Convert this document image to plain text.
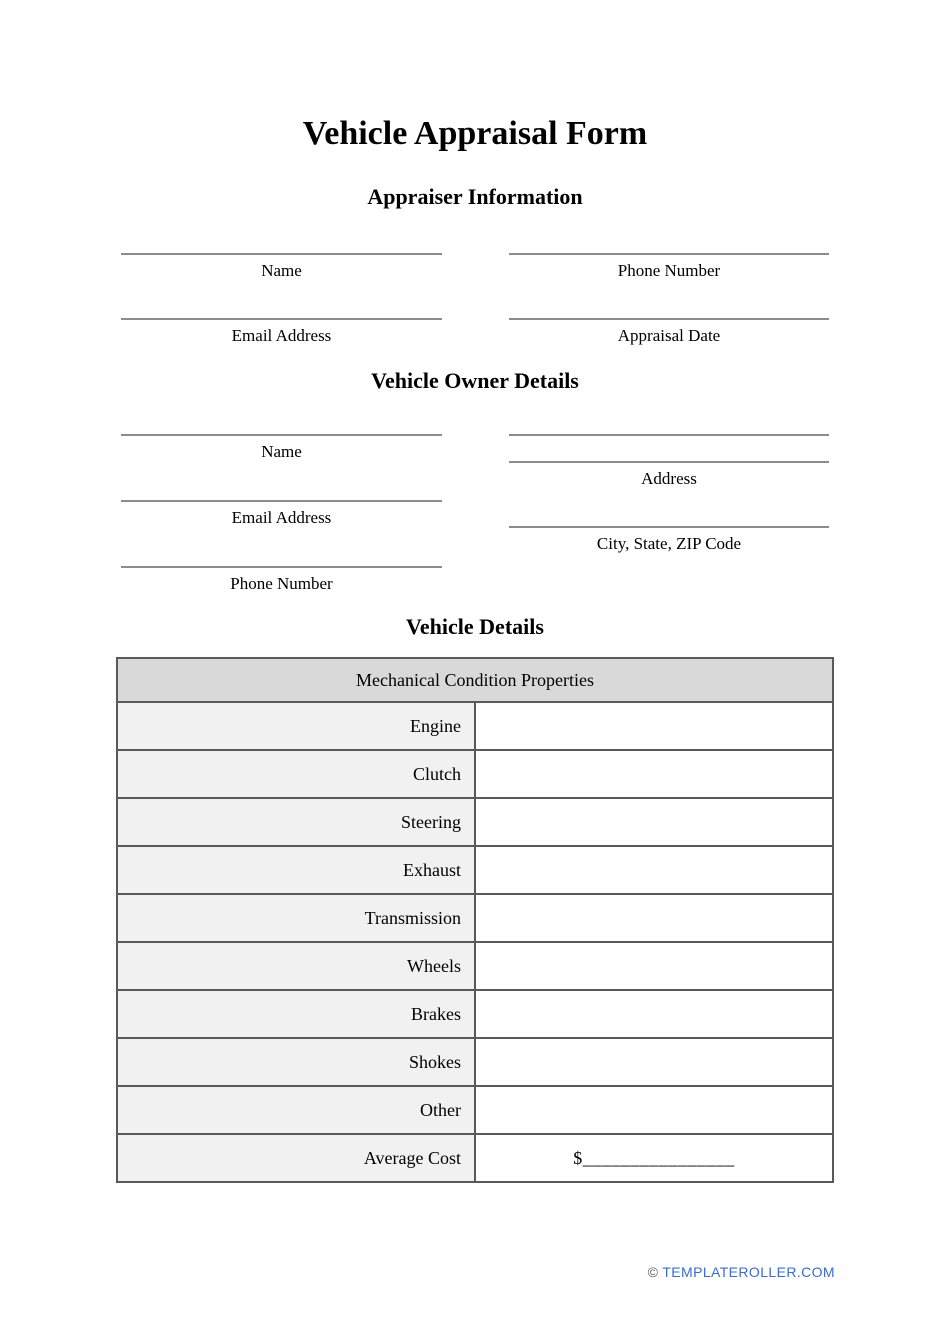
Vehicle Appraisal Form
Appraiser Information
Name	Phone Number
Email Address	Appraisal Date
Vehicle Owner Details
Name
Email Address
Phone Number
Address
City, State, ZIP Code
Vehicle Details
Mechanical Condition Properties	
Engine	
Clutch	
Steering	
Exhaust	
Transmission	
Wheels	
Brakes	
Shokes	
Other	
Average Cost	$________________
© TEMPLATEROLLER.COM
